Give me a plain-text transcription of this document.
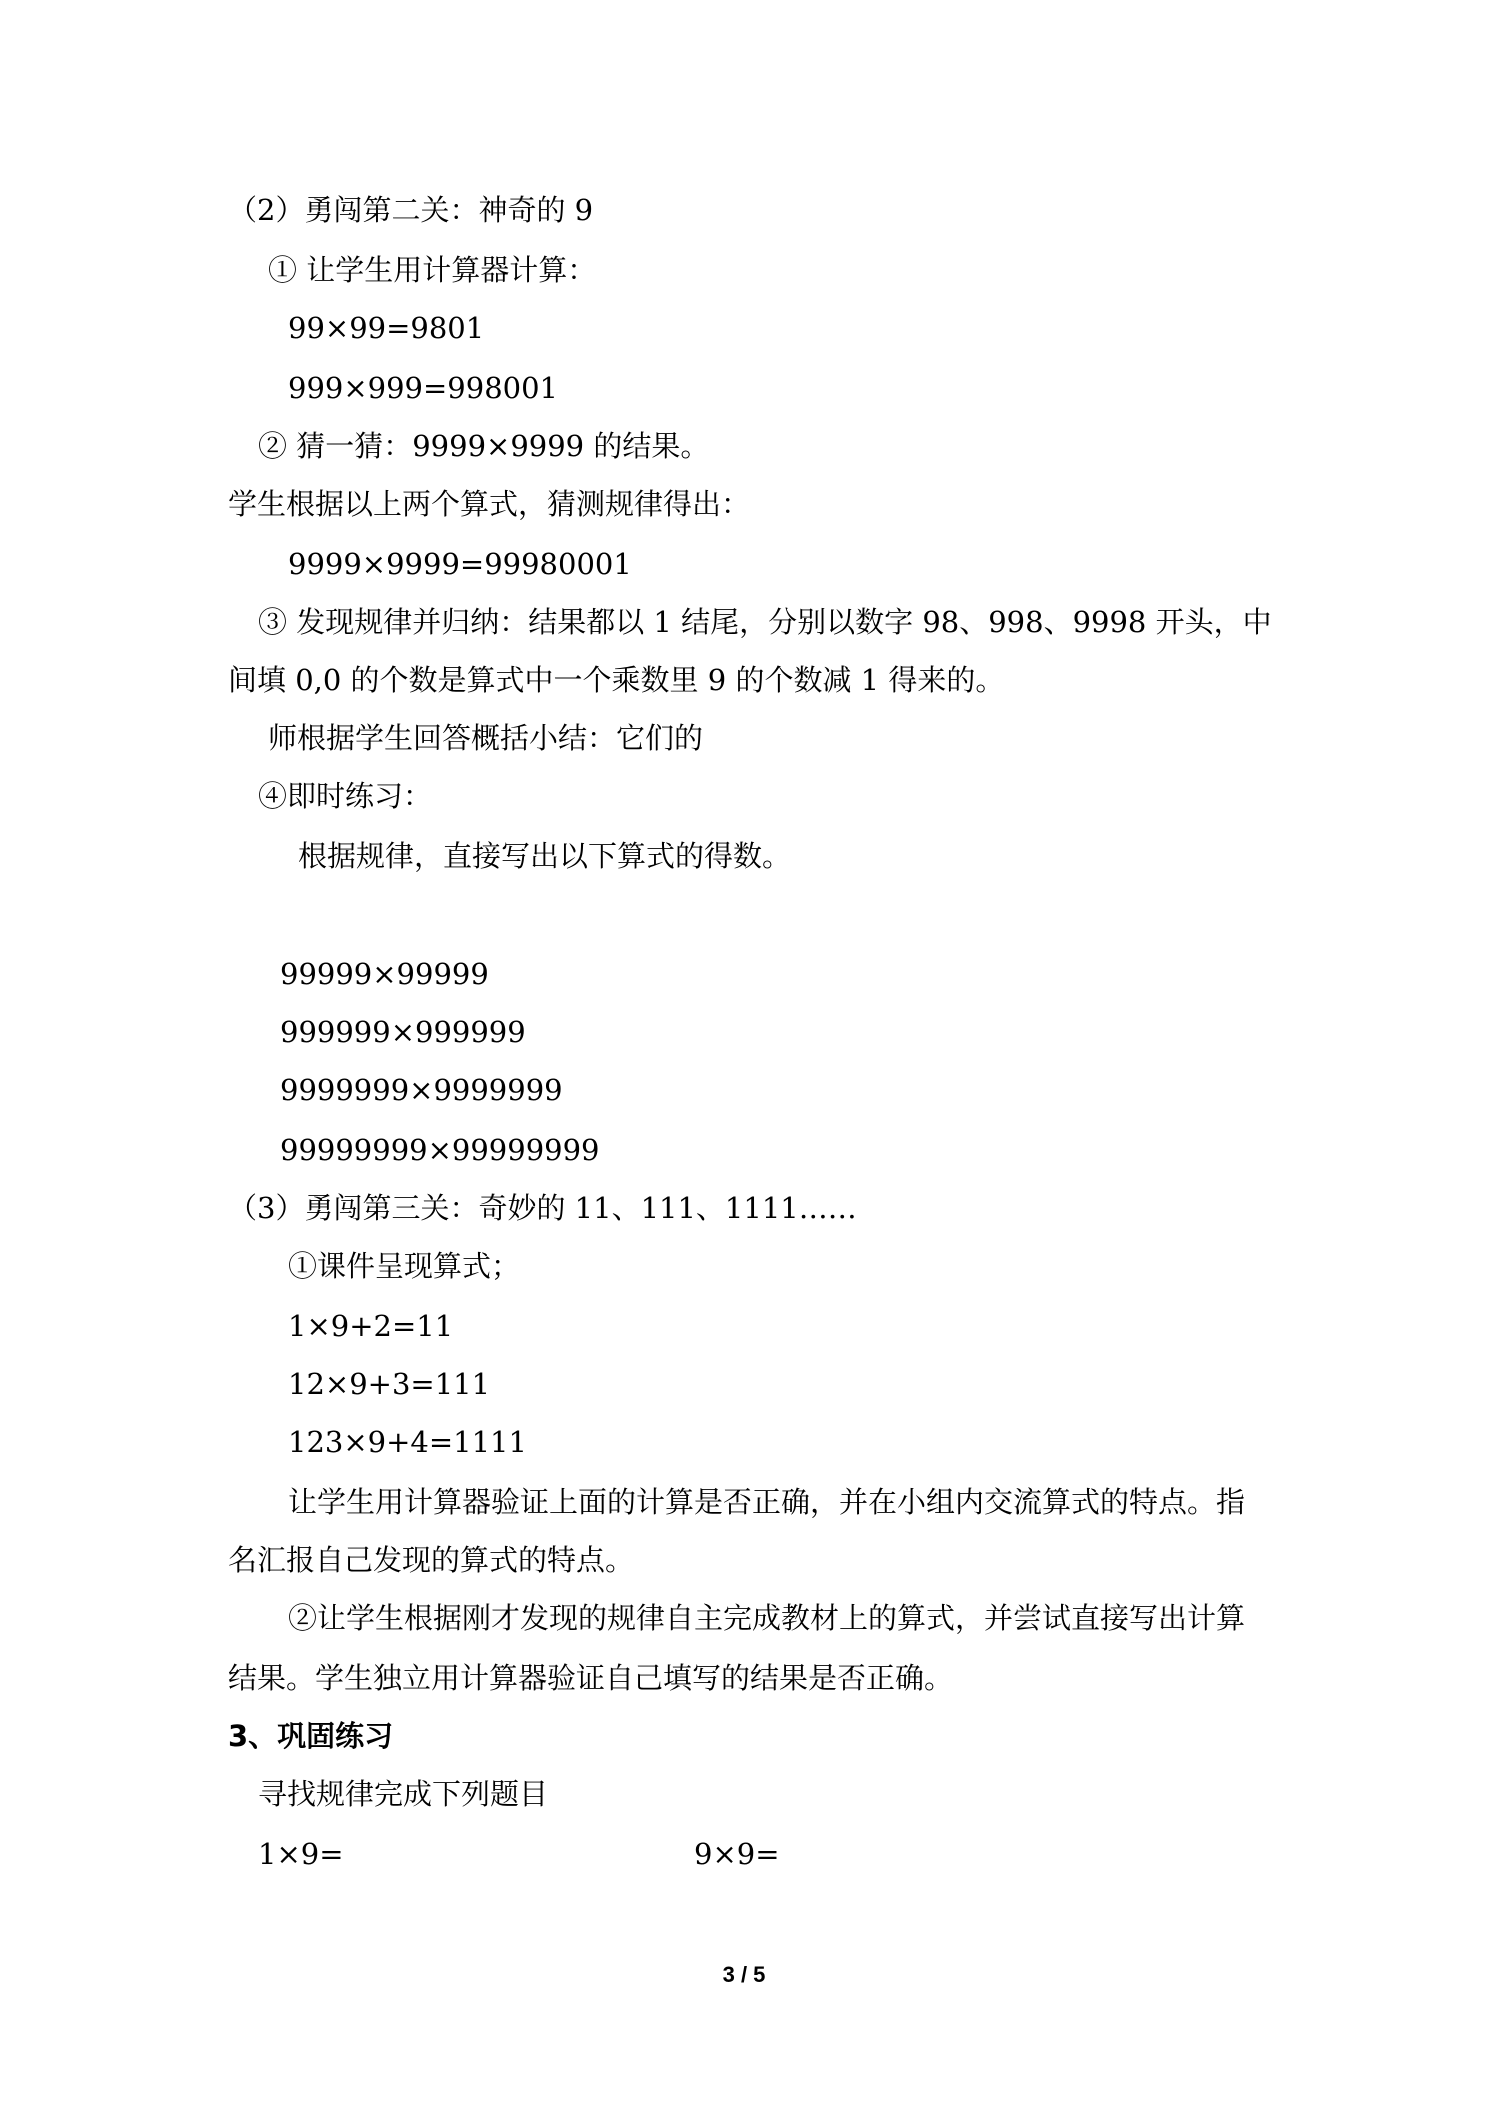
（2）勇闯第二关：神奇的 9
① 让学生用计算器计算：
99×99=9801
999×999=998001
② 猜一猜：9999×9999 的结果。
学生根据以上两个算式，猜测规律得出：
9999×9999=99980001
③ 发现规律并归纳：结果都以 1 结尾，分别以数字 98、998、9998 开头，中
间填 0,0 的个数是算式中一个乘数里 9 的个数减 1 得来的。
师根据学生回答概括小结：它们的
④即时练习：
根据规律，直接写出以下算式的得数。
99999×99999
999999×999999
9999999×9999999
99999999×99999999
（3）勇闯第三关：奇妙的 11、111、1111……
①课件呈现算式；
1×9+2=11
12×9+3=111
123×9+4=1111
让学生用计算器验证上面的计算是否正确，并在小组内交流算式的特点。指
名汇报自己发现的算式的特点。
②让学生根据刚才发现的规律自主完成教材上的算式，并尝试直接写出计算
结果。学生独立用计算器验证自己填写的结果是否正确。
3、巩固练习
寻找规律完成下列题目
1×9=	9×9=
3 / 5
